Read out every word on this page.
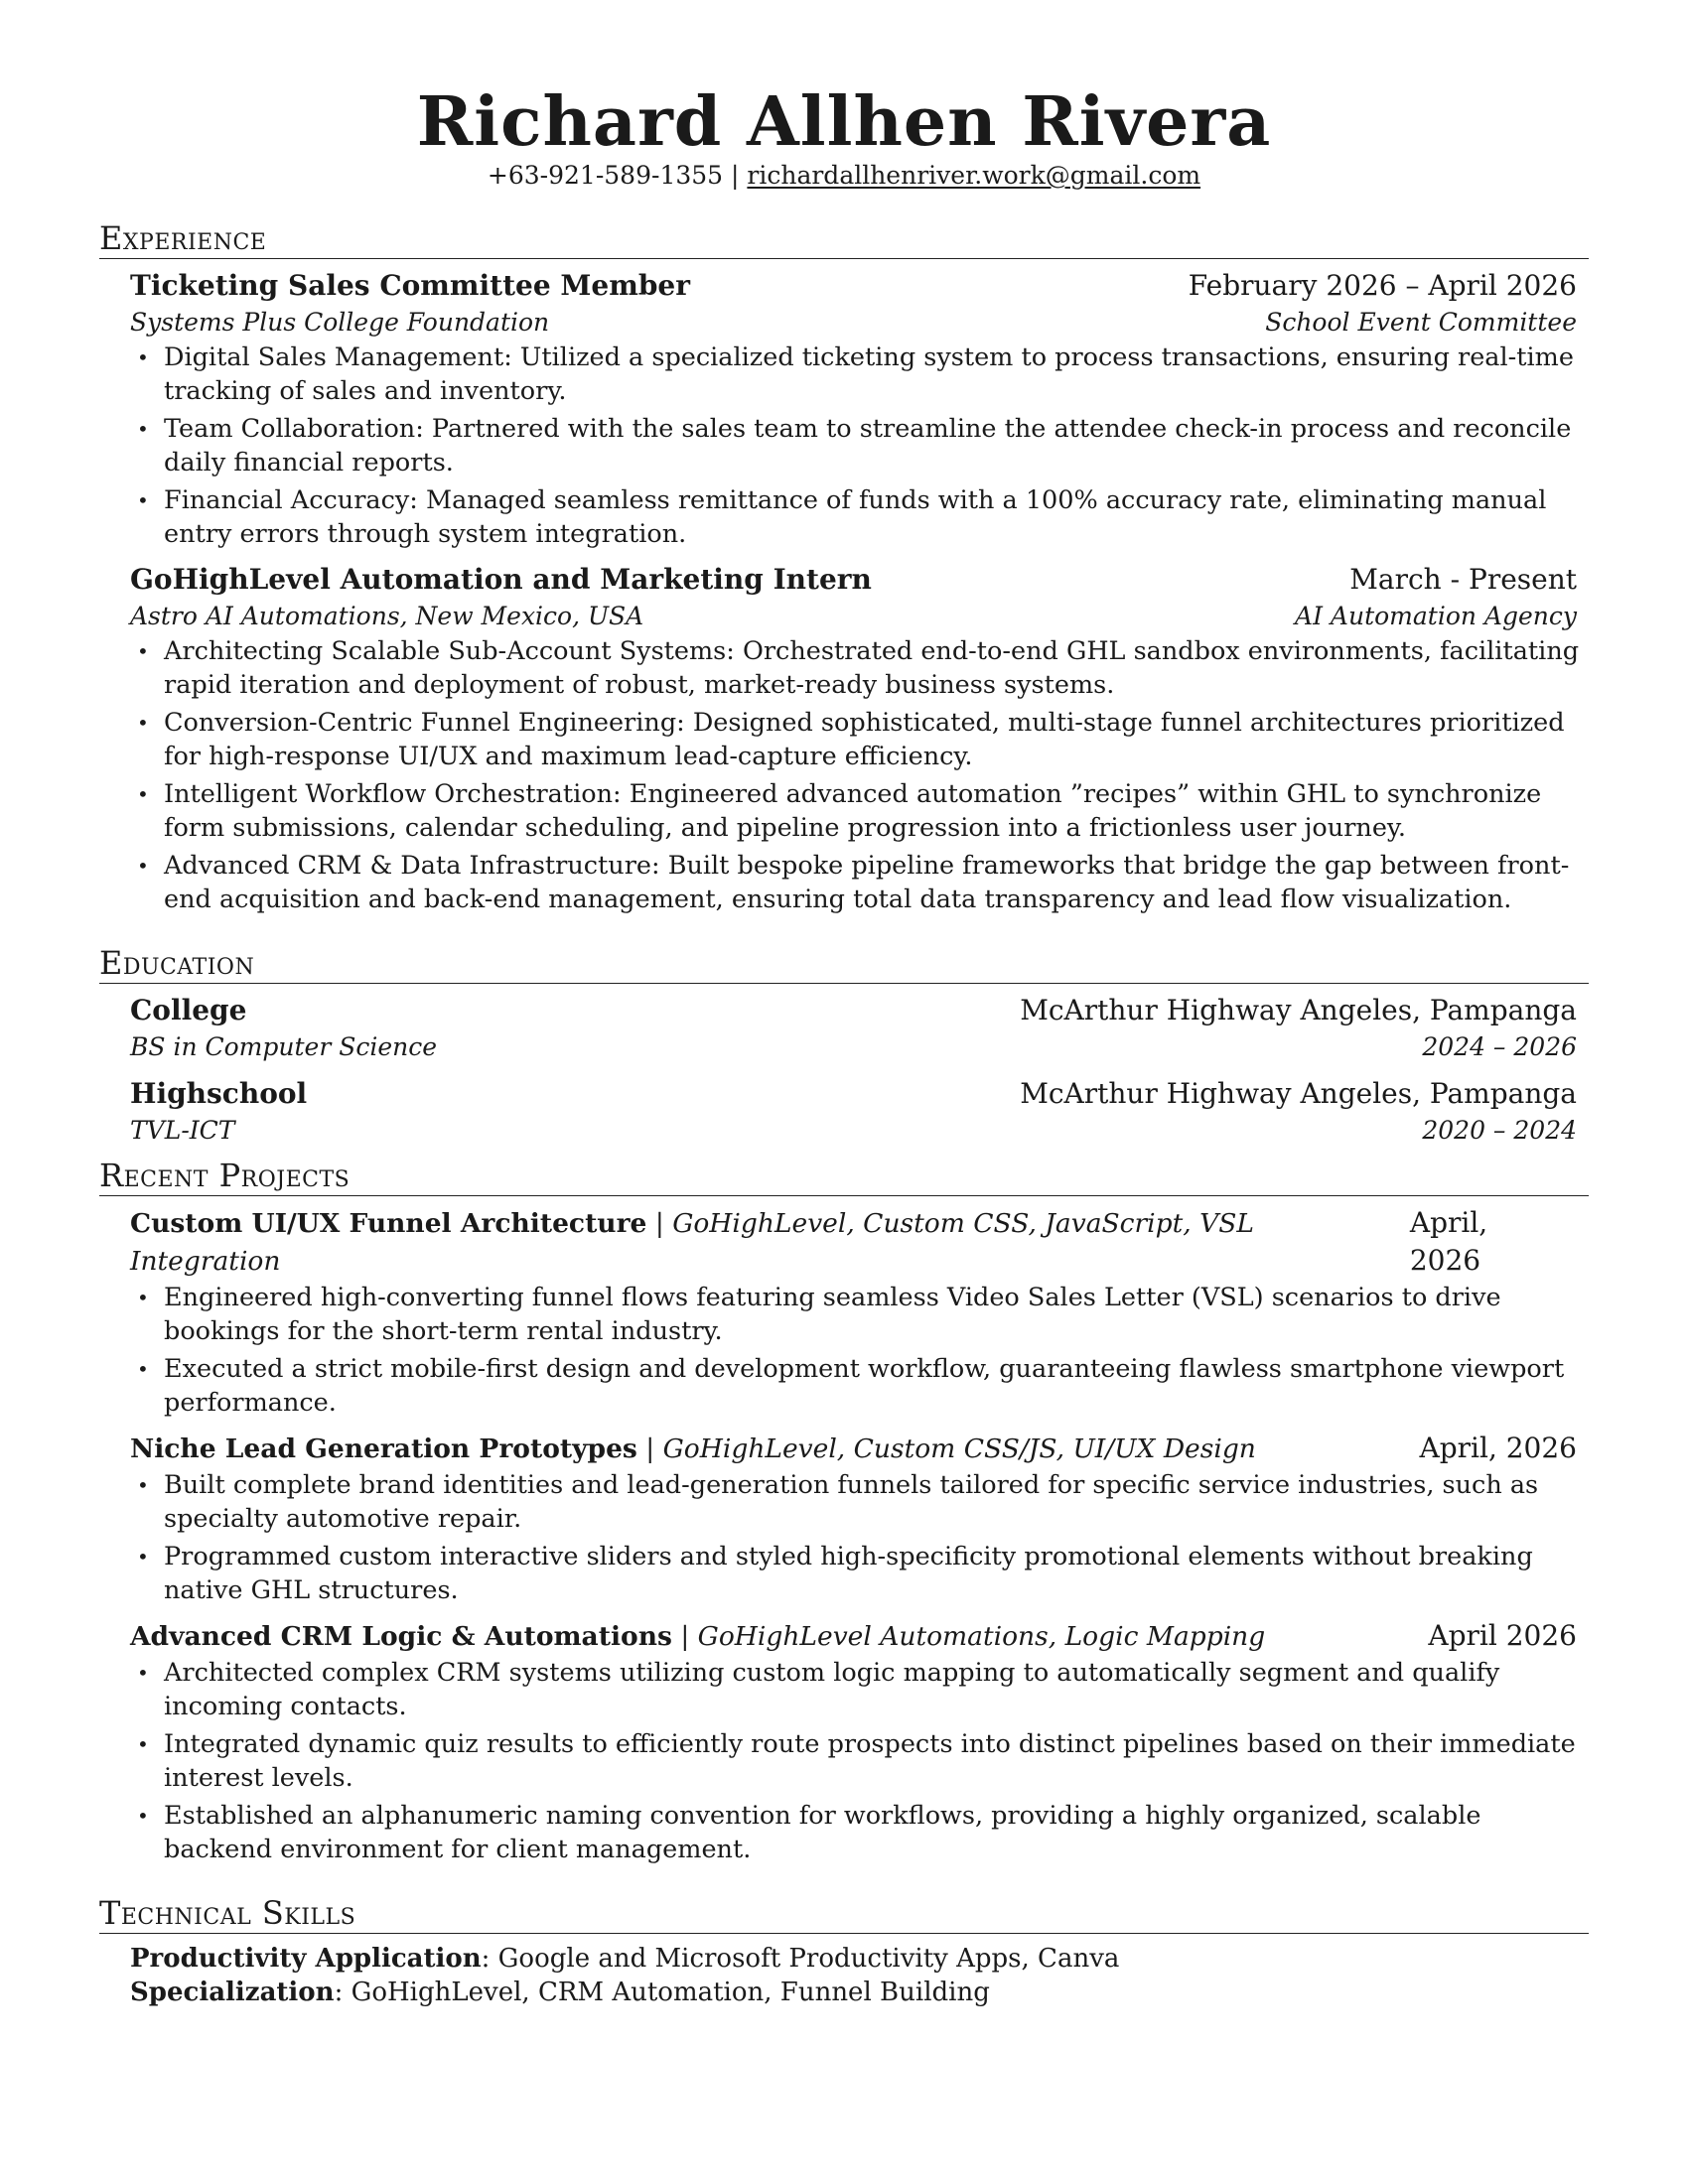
Richard Allhen Rivera
+63-921-589-1355 | richardallhenriver.work@gmail.com
Experience
Ticketing Sales Committee Member	February 2026 – April 2026
Systems Plus College Foundation	School Event Committee
• Digital Sales Management: Utilized a specialized ticketing system to process transactions, ensuring real-time tracking of sales and inventory.
• Team Collaboration: Partnered with the sales team to streamline the attendee check-in process and reconcile daily financial reports.
• Financial Accuracy: Managed seamless remittance of funds with a 100% accuracy rate, eliminating manual entry errors through system integration.
GoHighLevel Automation and Marketing Intern	March - Present
Astro AI Automations, New Mexico, USA	AI Automation Agency
• Architecting Scalable Sub-Account Systems: Orchestrated end-to-end GHL sandbox environments, facilitating rapid iteration and deployment of robust, market-ready business systems.
• Conversion-Centric Funnel Engineering: Designed sophisticated, multi-stage funnel architectures prioritized for high-response UI/UX and maximum lead-capture efficiency.
• Intelligent Workflow Orchestration: Engineered advanced automation ”recipes” within GHL to synchronize form submissions, calendar scheduling, and pipeline progression into a frictionless user journey.
• Advanced CRM & Data Infrastructure: Built bespoke pipeline frameworks that bridge the gap between front-end acquisition and back-end management, ensuring total data transparency and lead flow visualization.
Education
College	McArthur Highway Angeles, Pampanga
BS in Computer Science	2024 – 2026
Highschool	McArthur Highway Angeles, Pampanga
TVL-ICT	2020 – 2024
Recent Projects
Custom UI/UX Funnel Architecture | GoHighLevel, Custom CSS, JavaScript, VSL Integration
April, 2026
• Engineered high-converting funnel flows featuring seamless Video Sales Letter (VSL) scenarios to drive bookings for the short-term rental industry.
• Executed a strict mobile-first design and development workflow, guaranteeing flawless smartphone viewport performance.
Niche Lead Generation Prototypes | GoHighLevel, Custom CSS/JS, UI/UX Design	April, 2026
• Built complete brand identities and lead-generation funnels tailored for specific service industries, such as specialty automotive repair.
• Programmed custom interactive sliders and styled high-specificity promotional elements without breaking native GHL structures.
Advanced CRM Logic & Automations | GoHighLevel Automations, Logic Mapping	April 2026
• Architected complex CRM systems utilizing custom logic mapping to automatically segment and qualify incoming contacts.
• Integrated dynamic quiz results to efficiently route prospects into distinct pipelines based on their immediate interest levels.
• Established an alphanumeric naming convention for workflows, providing a highly organized, scalable backend environment for client management.
Technical Skills
Productivity Application: Google and Microsoft Productivity Apps, Canva
Specialization: GoHighLevel, CRM Automation, Funnel Building
